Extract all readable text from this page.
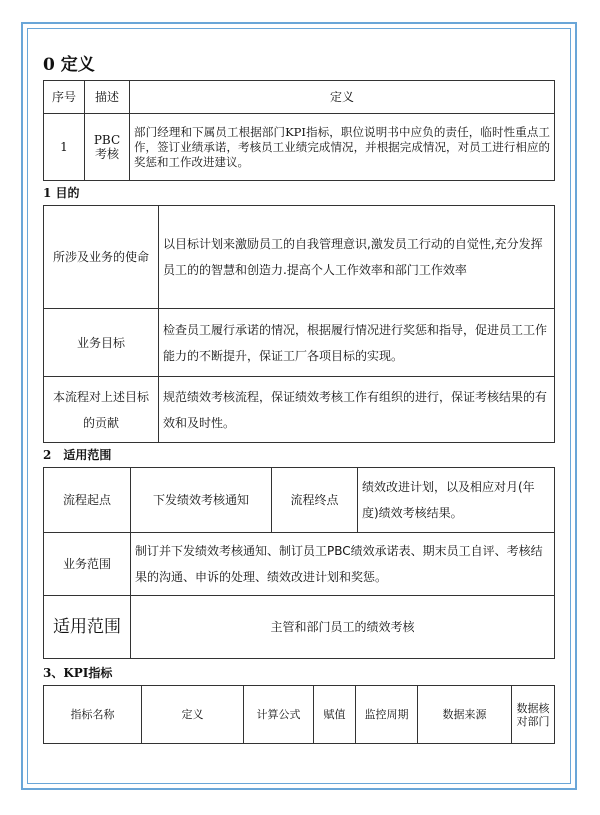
0 定义
序号	描述	定义
1	PBC考核	部门经理和下属员工根据部门KPI指标，职位说明书中应负的责任，临时性重点工作，签订业绩承诺，考核员工业绩完成情况，并根据完成情况，对员工进行相应的奖惩和工作改进建议。
1 目的
所涉及业务的使命	以目标计划来激励员工的自我管理意识,激发员工行动的自觉性,充分发挥员工的的智慧和创造力.提高个人工作效率和部门工作效率
业务目标	检查员工履行承诺的情况，根据履行情况进行奖惩和指导，促进员工工作能力的不断提升，保证工厂各项目标的实现。
本流程对上述目标的贡献	规范绩效考核流程，保证绩效考核工作有组织的进行，保证考核结果的有效和及时性。
2　适用范围
流程起点	下发绩效考核通知	流程终点	绩效改进计划，以及相应对月(年度)绩效考核结果。
业务范围	制订并下发绩效考核通知、制订员工PBC绩效承诺表、期末员工自评、考核结果的沟通、申诉的处理、绩效改进计划和奖惩。		
适用范围	主管和部门员工的绩效考核		
3、KPI指标
指标名称	定义	计算公式	赋值	监控周期	数据来源	数据核对部门
